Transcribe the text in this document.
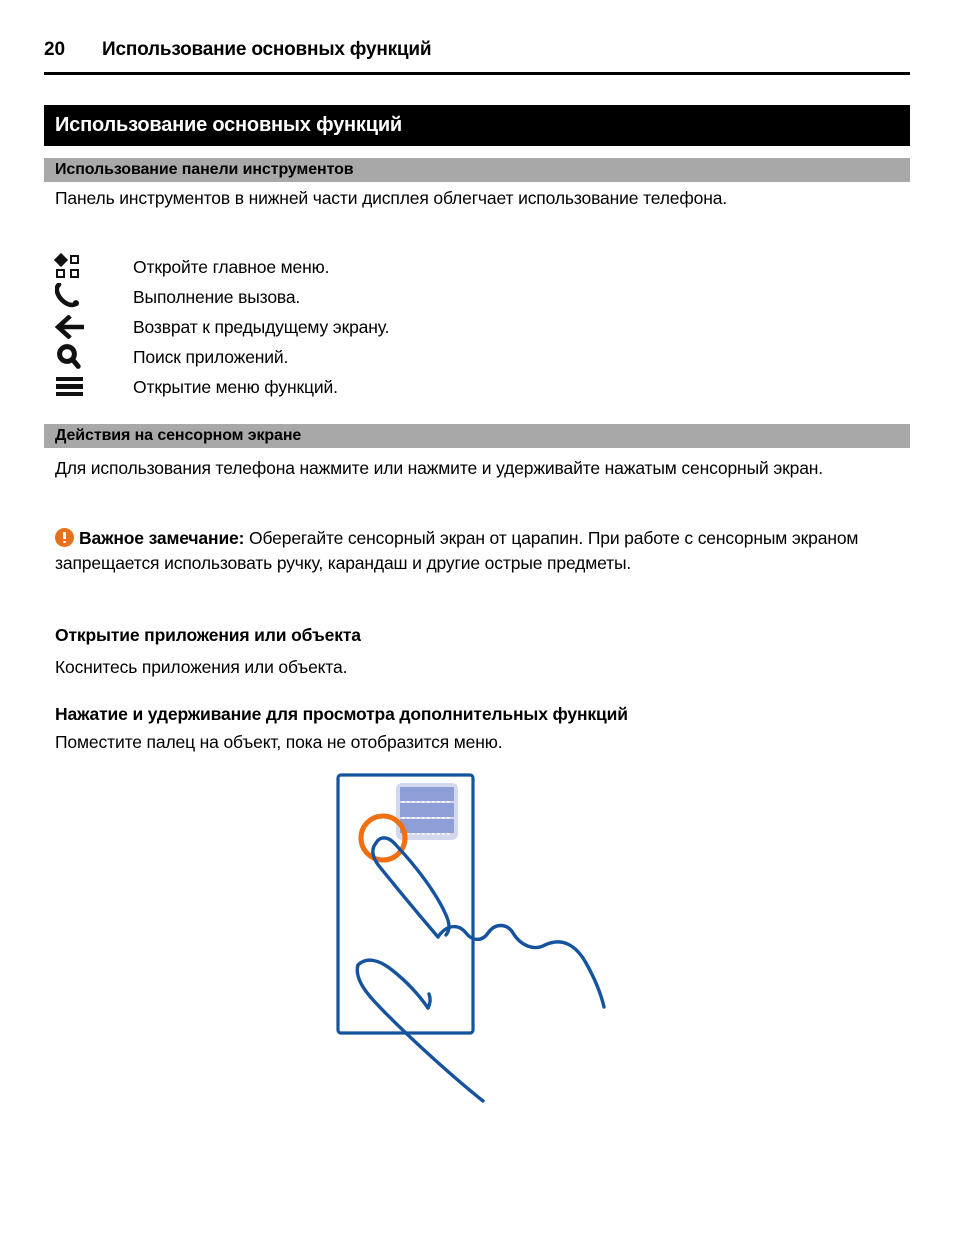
20	Использование основных функций
Использование основных функций
Использование панели инструментов
Панель инструментов в нижней части дисплея облегчает использование телефона.
Откройте главное меню.
Выполнение вызова.
Возврат к предыдущему экрану.
Поиск приложений.
Открытие меню функций.
Действия на сенсорном экране
Для использования телефона нажмите или нажмите и удерживайте нажатым сенсорный экран.
Важное замечание: Оберегайте сенсорный экран от царапин. При работе с сенсорным экраном запрещается использовать ручку, карандаш и другие острые предметы.
Открытие приложения или объекта
Коснитесь приложения или объекта.
Нажатие и удерживание для просмотра дополнительных функций
Поместите палец на объект, пока не отобразится меню.
